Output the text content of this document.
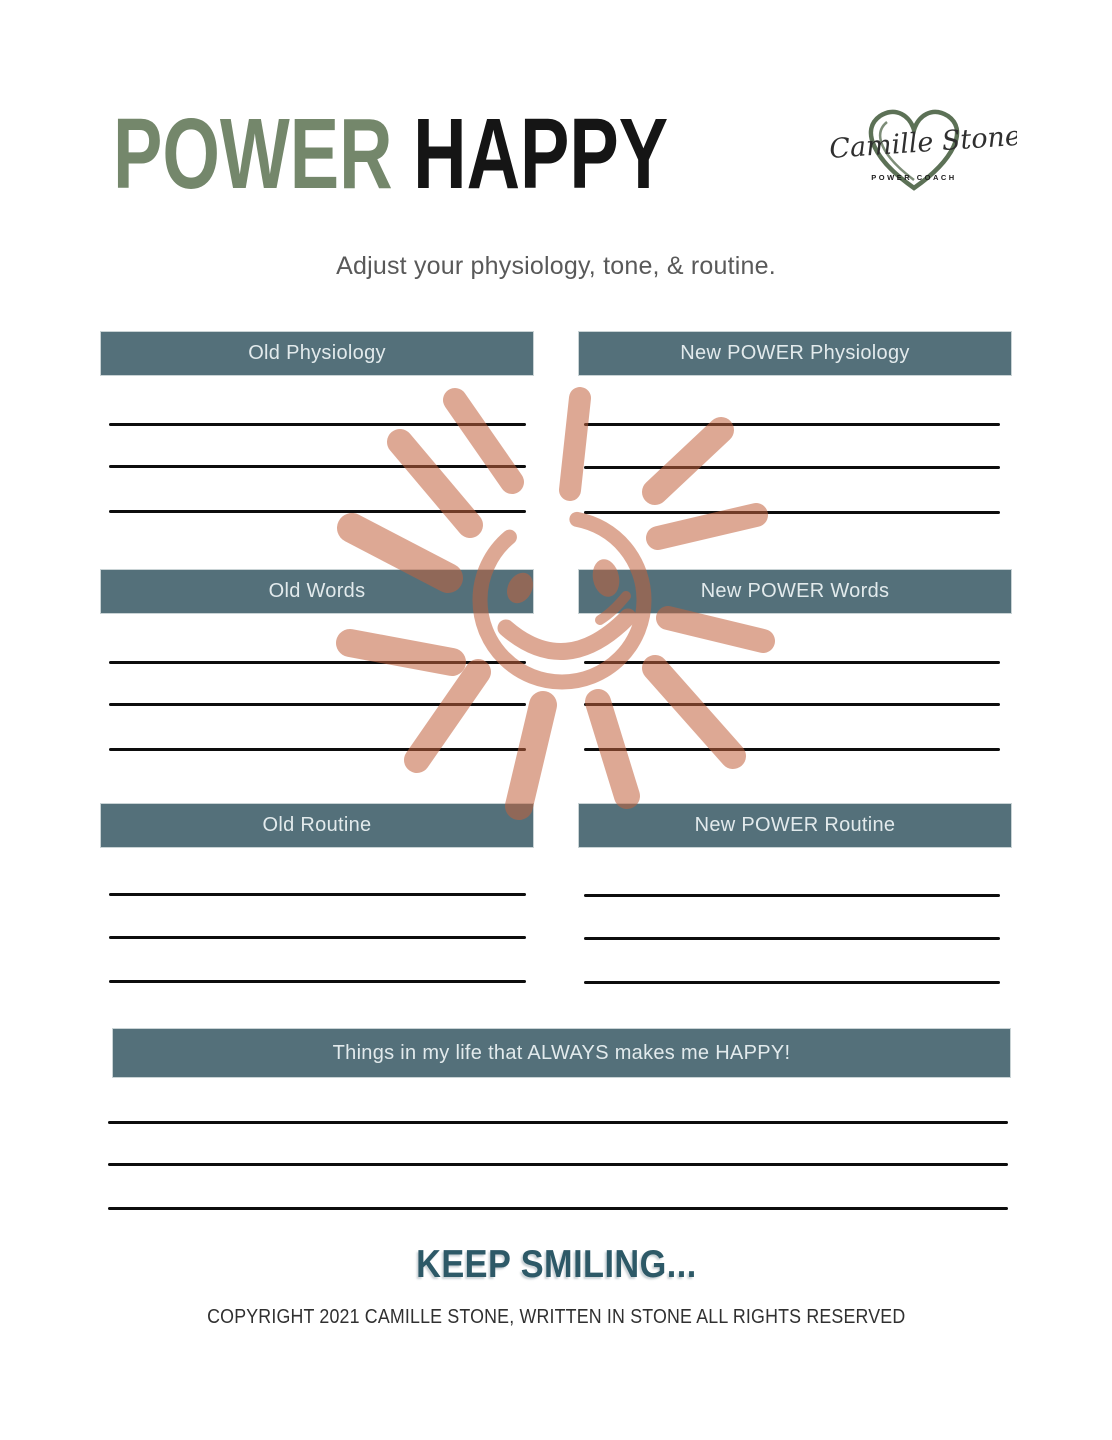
POWER HAPPY	Camille Stone
POWER COACH
Adjust your physiology, tone, & routine.
Old Physiology	New POWER Physiology
Old Words	New POWER Words
Old Routine	New POWER Routine
Things in my life that ALWAYS makes me HAPPY!
KEEP SMILING...
COPYRIGHT 2021 CAMILLE STONE, WRITTEN IN STONE ALL RIGHTS RESERVED
